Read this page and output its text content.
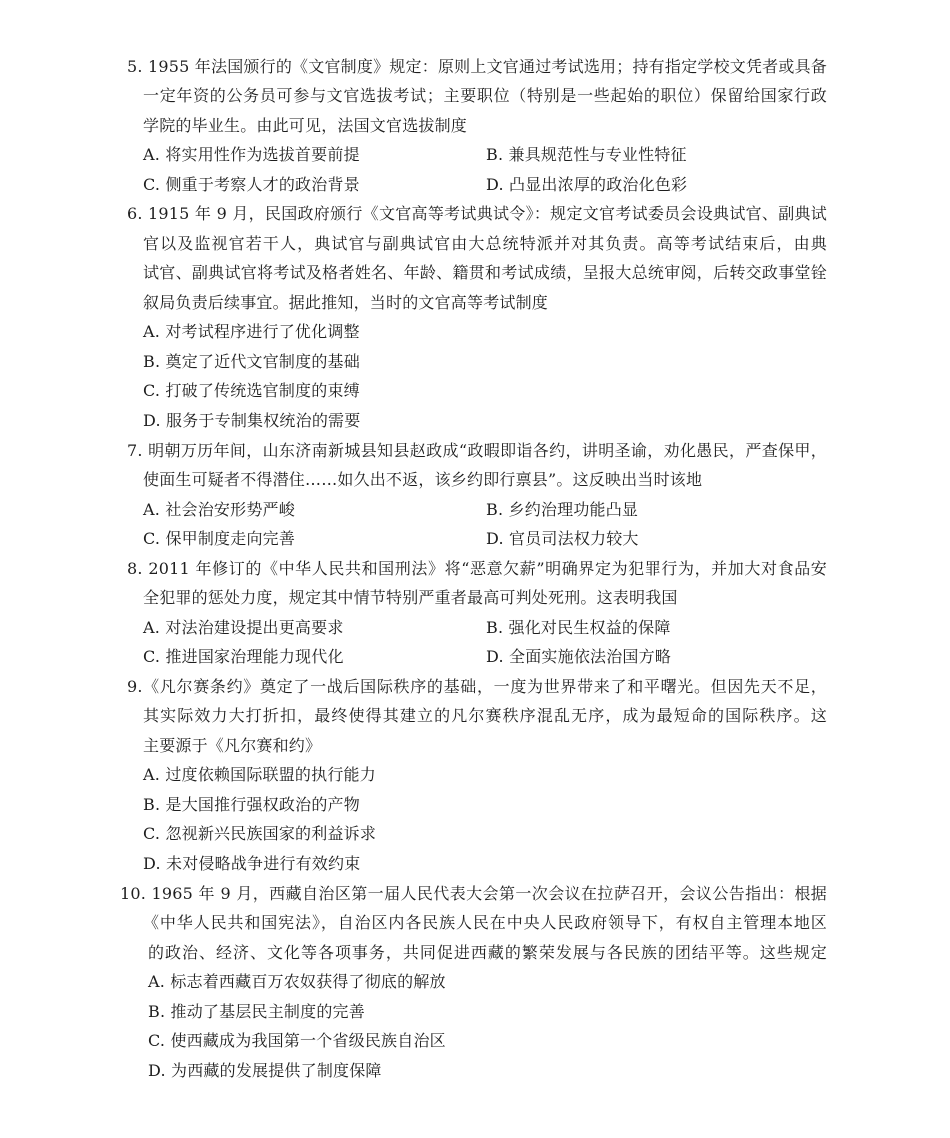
5. 1955 年法国颁行的《文官制度》规定：原则上文官通过考试选用；持有指定学校文凭者或具备
一定年资的公务员可参与文官选拔考试；主要职位（特别是一些起始的职位）保留给国家行政
学院的毕业生。由此可见，法国文官选拔制度
A. 将实用性作为选拔首要前提	B. 兼具规范性与专业性特征
C. 侧重于考察人才的政治背景	D. 凸显出浓厚的政治化色彩
6. 1915 年 9 月，民国政府颁行《文官高等考试典试令》：规定文官考试委员会设典试官、副典试
官以及监视官若干人，典试官与副典试官由大总统特派并对其负责。高等考试结束后，由典
试官、副典试官将考试及格者姓名、年龄、籍贯和考试成绩，呈报大总统审阅，后转交政事堂铨
叙局负责后续事宜。据此推知，当时的文官高等考试制度
A. 对考试程序进行了优化调整
B. 奠定了近代文官制度的基础
C. 打破了传统选官制度的束缚
D. 服务于专制集权统治的需要
7. 明朝万历年间，山东济南新城县知县赵政成“政暇即诣各约，讲明圣谕，劝化愚民，严查保甲，
使面生可疑者不得潜住……如久出不返，该乡约即行禀县”。这反映出当时该地
A. 社会治安形势严峻	B. 乡约治理功能凸显
C. 保甲制度走向完善	D. 官员司法权力较大
8. 2011 年修订的《中华人民共和国刑法》将“恶意欠薪”明确界定为犯罪行为，并加大对食品安
全犯罪的惩处力度，规定其中情节特别严重者最高可判处死刑。这表明我国
A. 对法治建设提出更高要求	B. 强化对民生权益的保障
C. 推进国家治理能力现代化	D. 全面实施依法治国方略
9.《凡尔赛条约》奠定了一战后国际秩序的基础，一度为世界带来了和平曙光。但因先天不足，
其实际效力大打折扣，最终使得其建立的凡尔赛秩序混乱无序，成为最短命的国际秩序。这
主要源于《凡尔赛和约》
A. 过度依赖国际联盟的执行能力
B. 是大国推行强权政治的产物
C. 忽视新兴民族国家的利益诉求
D. 未对侵略战争进行有效约束
10. 1965 年 9 月，西藏自治区第一届人民代表大会第一次会议在拉萨召开，会议公告指出：根据
《中华人民共和国宪法》，自治区内各民族人民在中央人民政府领导下，有权自主管理本地区
的政治、经济、文化等各项事务，共同促进西藏的繁荣发展与各民族的团结平等。这些规定
A. 标志着西藏百万农奴获得了彻底的解放
B. 推动了基层民主制度的完善
C. 使西藏成为我国第一个省级民族自治区
D. 为西藏的发展提供了制度保障
